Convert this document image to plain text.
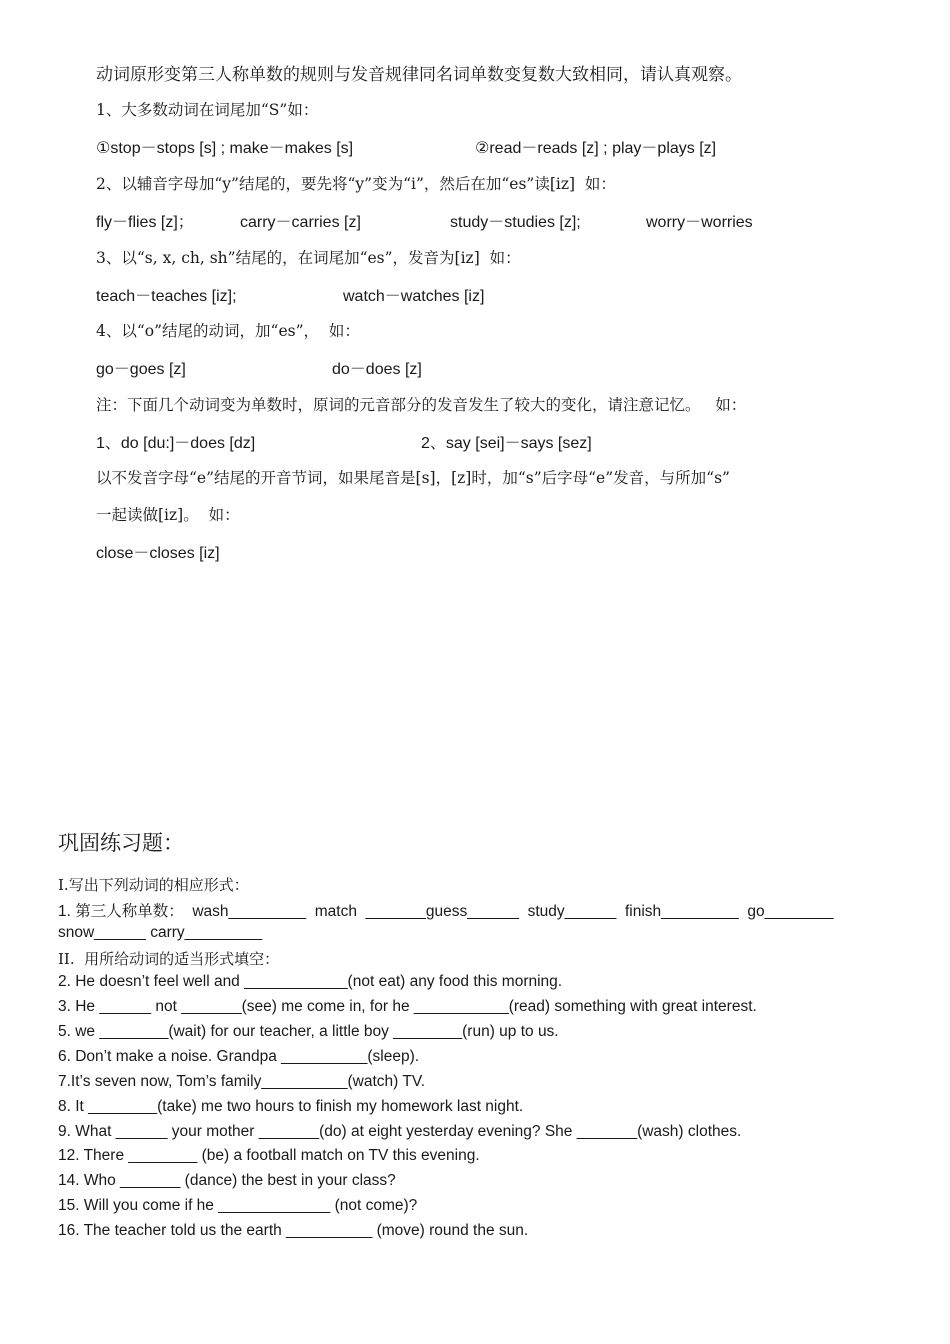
动词原形变第三人称单数的规则与发音规律同名词单数变复数大致相同，请认真观察。
1、大多数动词在词尾加“S”如：
①stop－stops [s] ; make－makes [s]	②read－reads [z] ; play－plays [z]
2、以辅音字母加“y”结尾的，要先将“y”变为“i”，然后在加“es”读[iz]  如：
fly－flies [z]；	carry－carries [z]	study－studies [z];	worry－worries
3、以“s, x, ch, sh”结尾的，在词尾加“es”，发音为[iz]  如：
teach－teaches [iz];	watch－watches [iz]
4、以“o”结尾的动词，加“es”，  如：
go－goes [z]	do－does [z]
注：下面几个动词变为单数时，原词的元音部分的发音发生了较大的变化，请注意记忆。   如：
1、do [du:]－does [dz]	2、say [sei]－says [sez]
以不发音字母“e”结尾的开音节词，如果尾音是[s]，[z]时，加“s”后字母“e”发音，与所加“s”
一起读做[iz]。  如：
close－closes [iz]
巩固练习题：
I.写出下列动词的相应形式：
1. 第三人称单数：  wash_________  match  _______guess______  study______  finish_________  go________
snow______ carry_________
II.  用所给动词的适当形式填空：
2. He doesn’t feel well and ____________(not eat) any food this morning.
3. He ______ not _______(see) me come in, for he ___________(read) something with great interest.
5. we ________(wait) for our teacher, a little boy ________(run) up to us.
6. Don’t make a noise. Grandpa __________(sleep).
7.It’s seven now, Tom’s family__________(watch) TV.
8. It ________(take) me two hours to finish my homework last night.
9. What ______ your mother _______(do) at eight yesterday evening? She _______(wash) clothes.
12. There ________ (be) a football match on TV this evening.
14. Who _______ (dance) the best in your class?
15. Will you come if he _____________ (not come)?
16. The teacher told us the earth __________ (move) round the sun.
